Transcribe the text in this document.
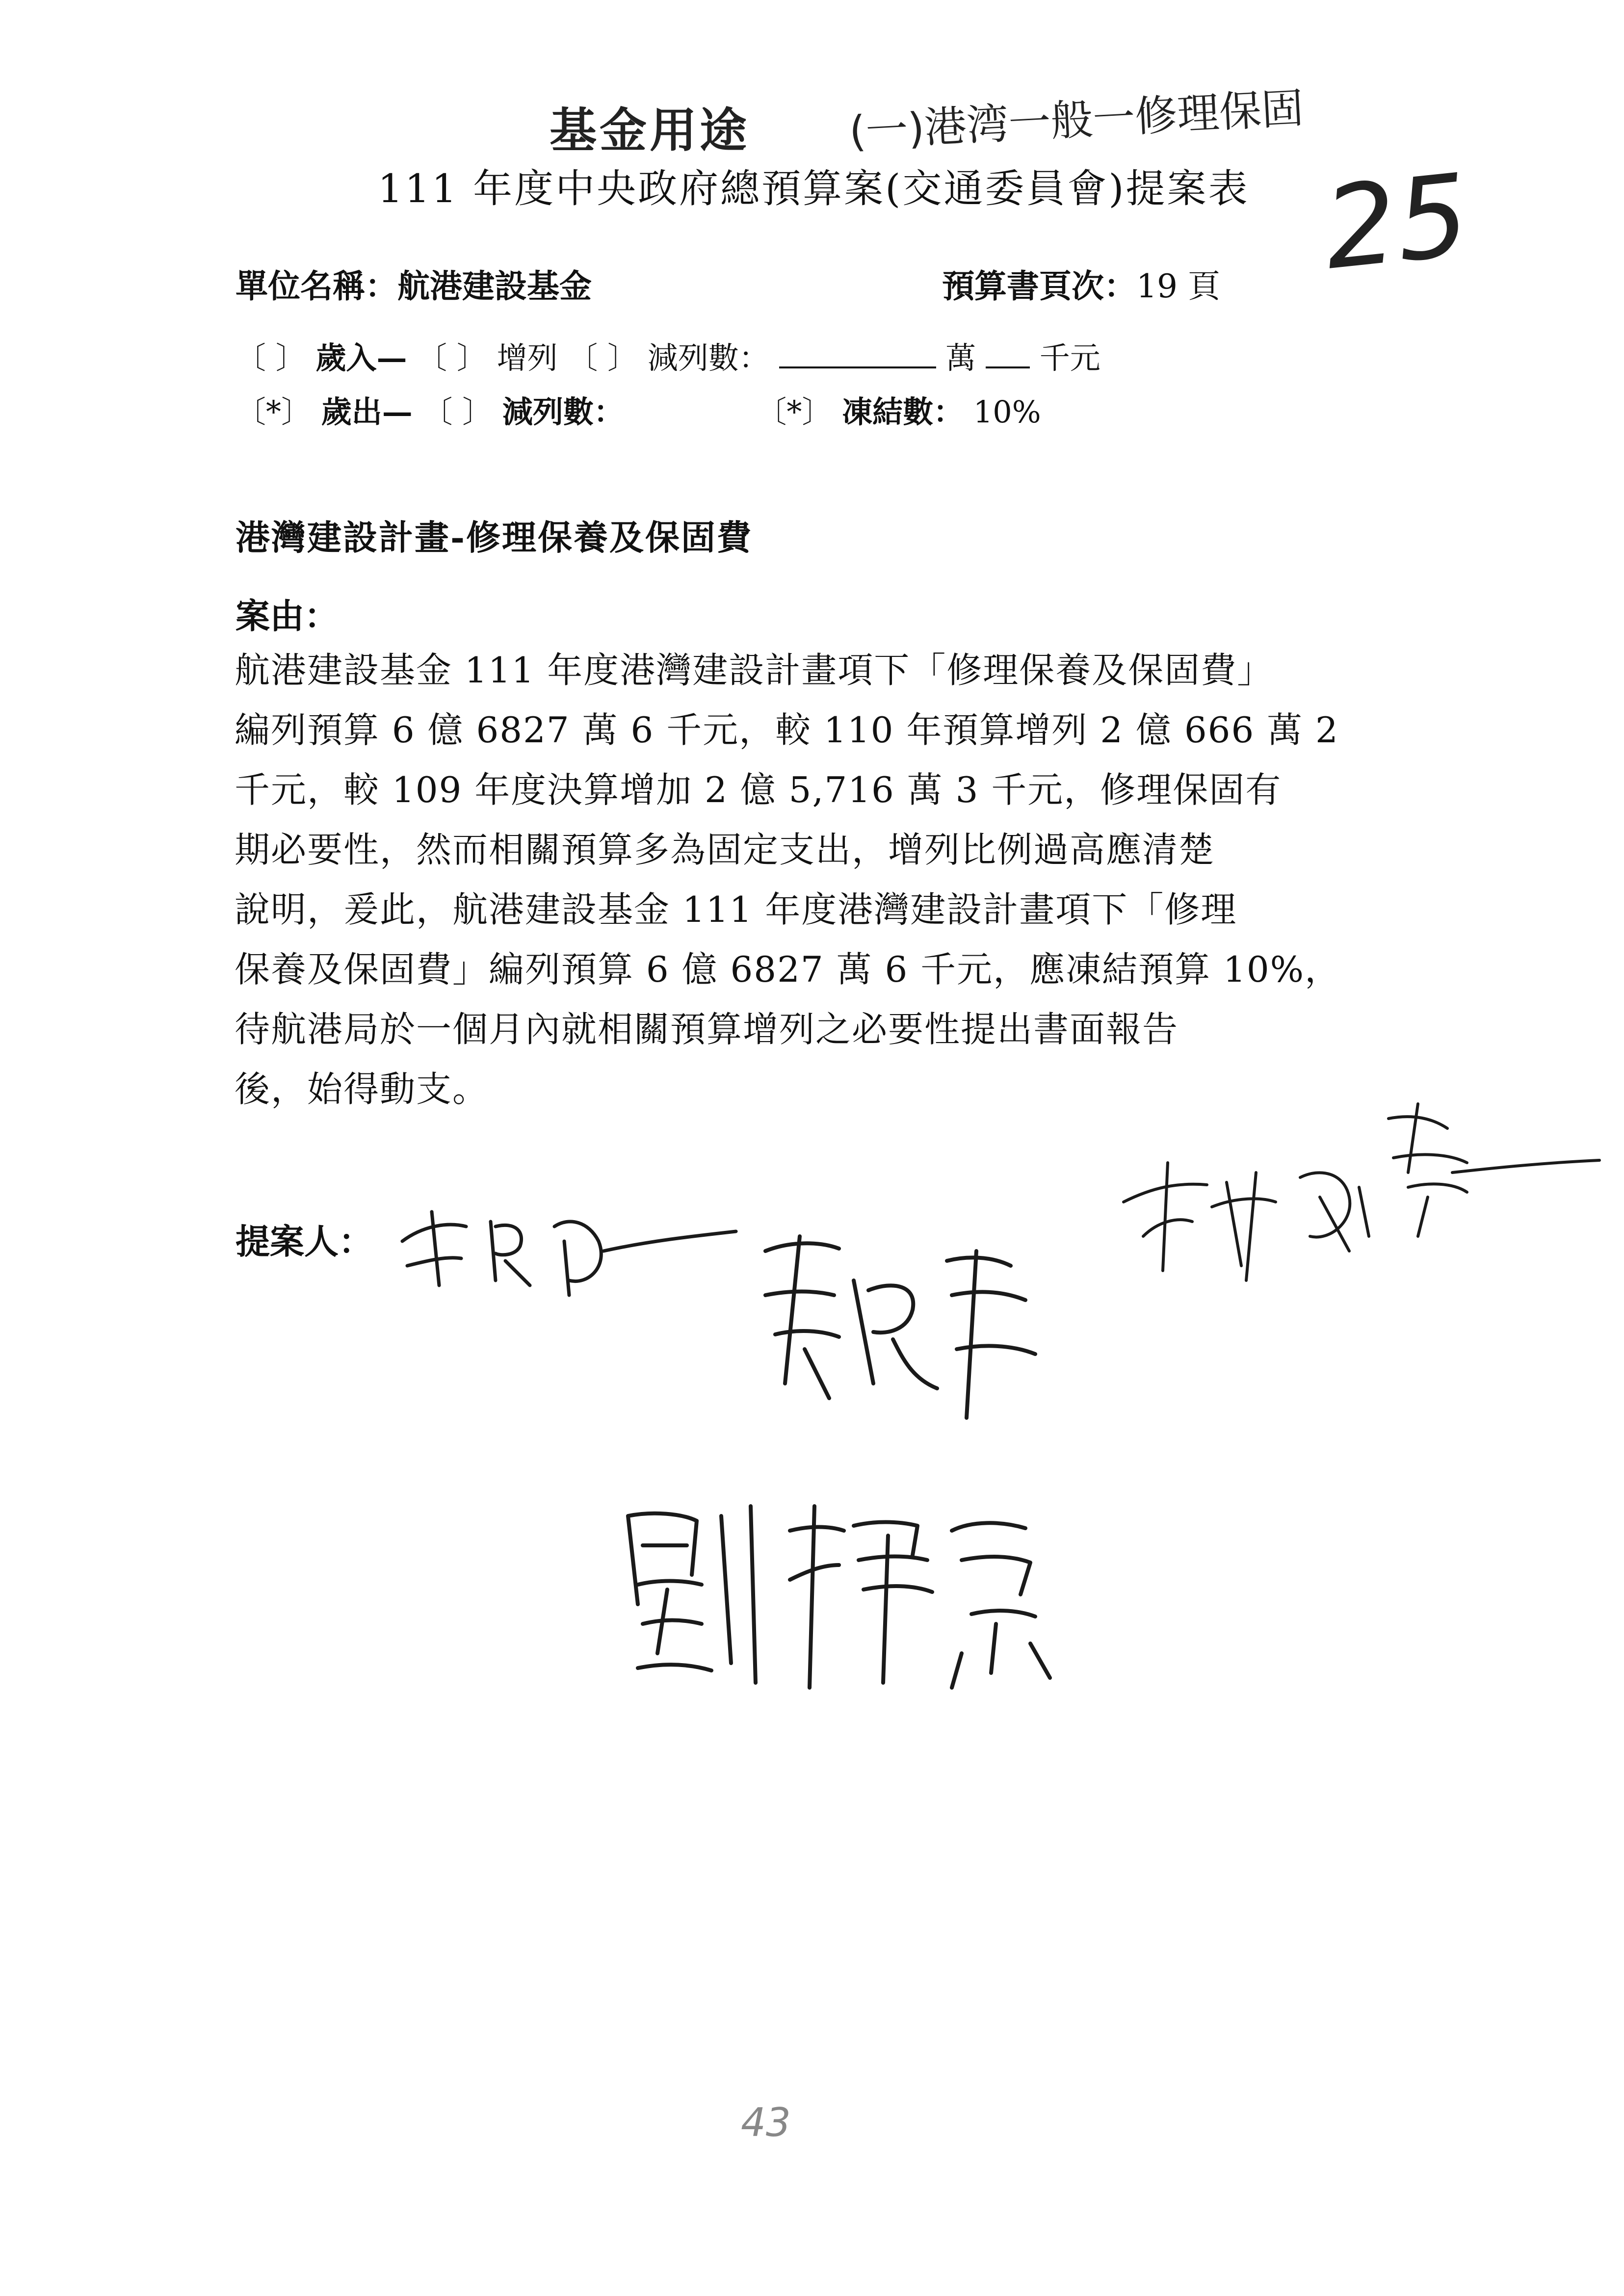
基金用途 (一)港湾一般一修理保固
111 年度中央政府總預算案(交通委員會)提案表 25
單位名稱：航港建設基金	預算書頁次：19 頁
〔 〕 歲入— 〔 〕 增列 〔 〕 減列數：	萬 千元
〔*〕 歲出— 〔 〕 減列數：	〔*〕 凍結數： 10%
港灣建設計畫-修理保養及保固費
案由：
航港建設基金 111 年度港灣建設計畫項下「修理保養及保固費」
編列預算 6 億 6827 萬 6 千元，較 110 年預算增列 2 億 666 萬 2
千元，較 109 年度決算增加 2 億 5,716 萬 3 千元，修理保固有
期必要性，然而相關預算多為固定支出，增列比例過高應清楚
說明，爰此，航港建設基金 111 年度港灣建設計畫項下「修理
保養及保固費」編列預算 6 億 6827 萬 6 千元，應凍結預算 10%，
待航港局於一個月內就相關預算增列之必要性提出書面報告
後，始得動支。
提案人：
43
